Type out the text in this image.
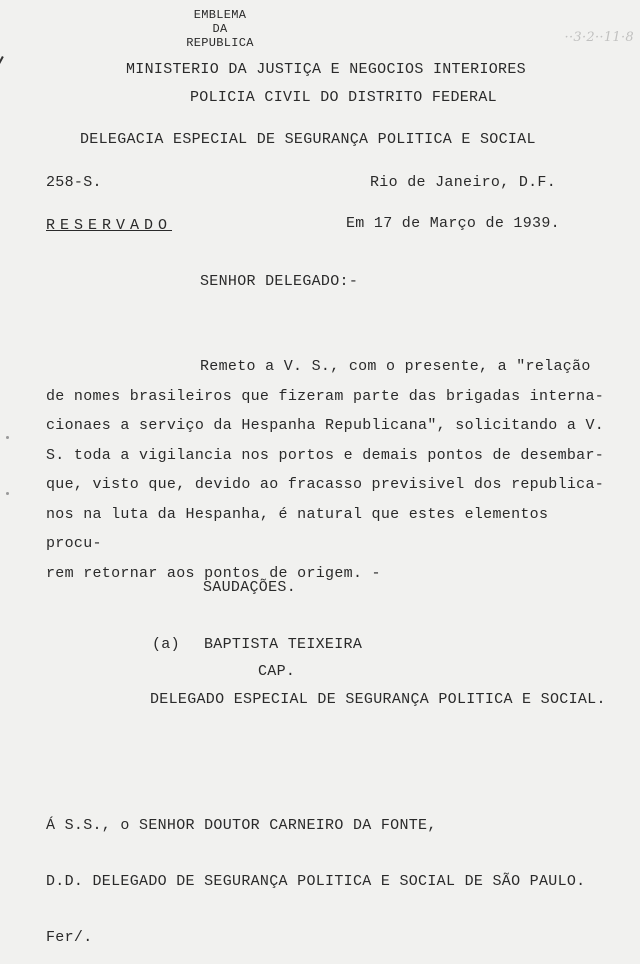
··3·2··11·8
EMBLEMA
DA
REPUBLICA
MINISTERIO DA JUSTIÇA E NEGOCIOS INTERIORES
POLICIA CIVIL DO DISTRITO FEDERAL
DELEGACIA ESPECIAL DE SEGURANÇA POLITICA E SOCIAL
258-S.	Rio de Janeiro, D.F.
RESERVADO	Em 17 de Março de 1939.
SENHOR DELEGADO:-
Remeto a V. S., com o presente, a "relação
de nomes brasileiros que fizeram parte das brigadas interna-
cionaes a serviço da Hespanha Republicana", solicitando a V.
S. toda a vigilancia nos portos e demais pontos de desembar-
que, visto que, devido ao fracasso previsivel dos republica-
nos na luta da Hespanha, é natural que estes elementos procu-
rem retornar aos pontos de origem. -
SAUDAÇÕES.
(a) BAPTISTA TEIXEIRA
CAP.
DELEGADO ESPECIAL DE SEGURANÇA POLITICA E SOCIAL.
Á S.S., o SENHOR DOUTOR CARNEIRO DA FONTE,
D.D. DELEGADO DE SEGURANÇA POLITICA E SOCIAL DE SÃO PAULO.
Fer/.
